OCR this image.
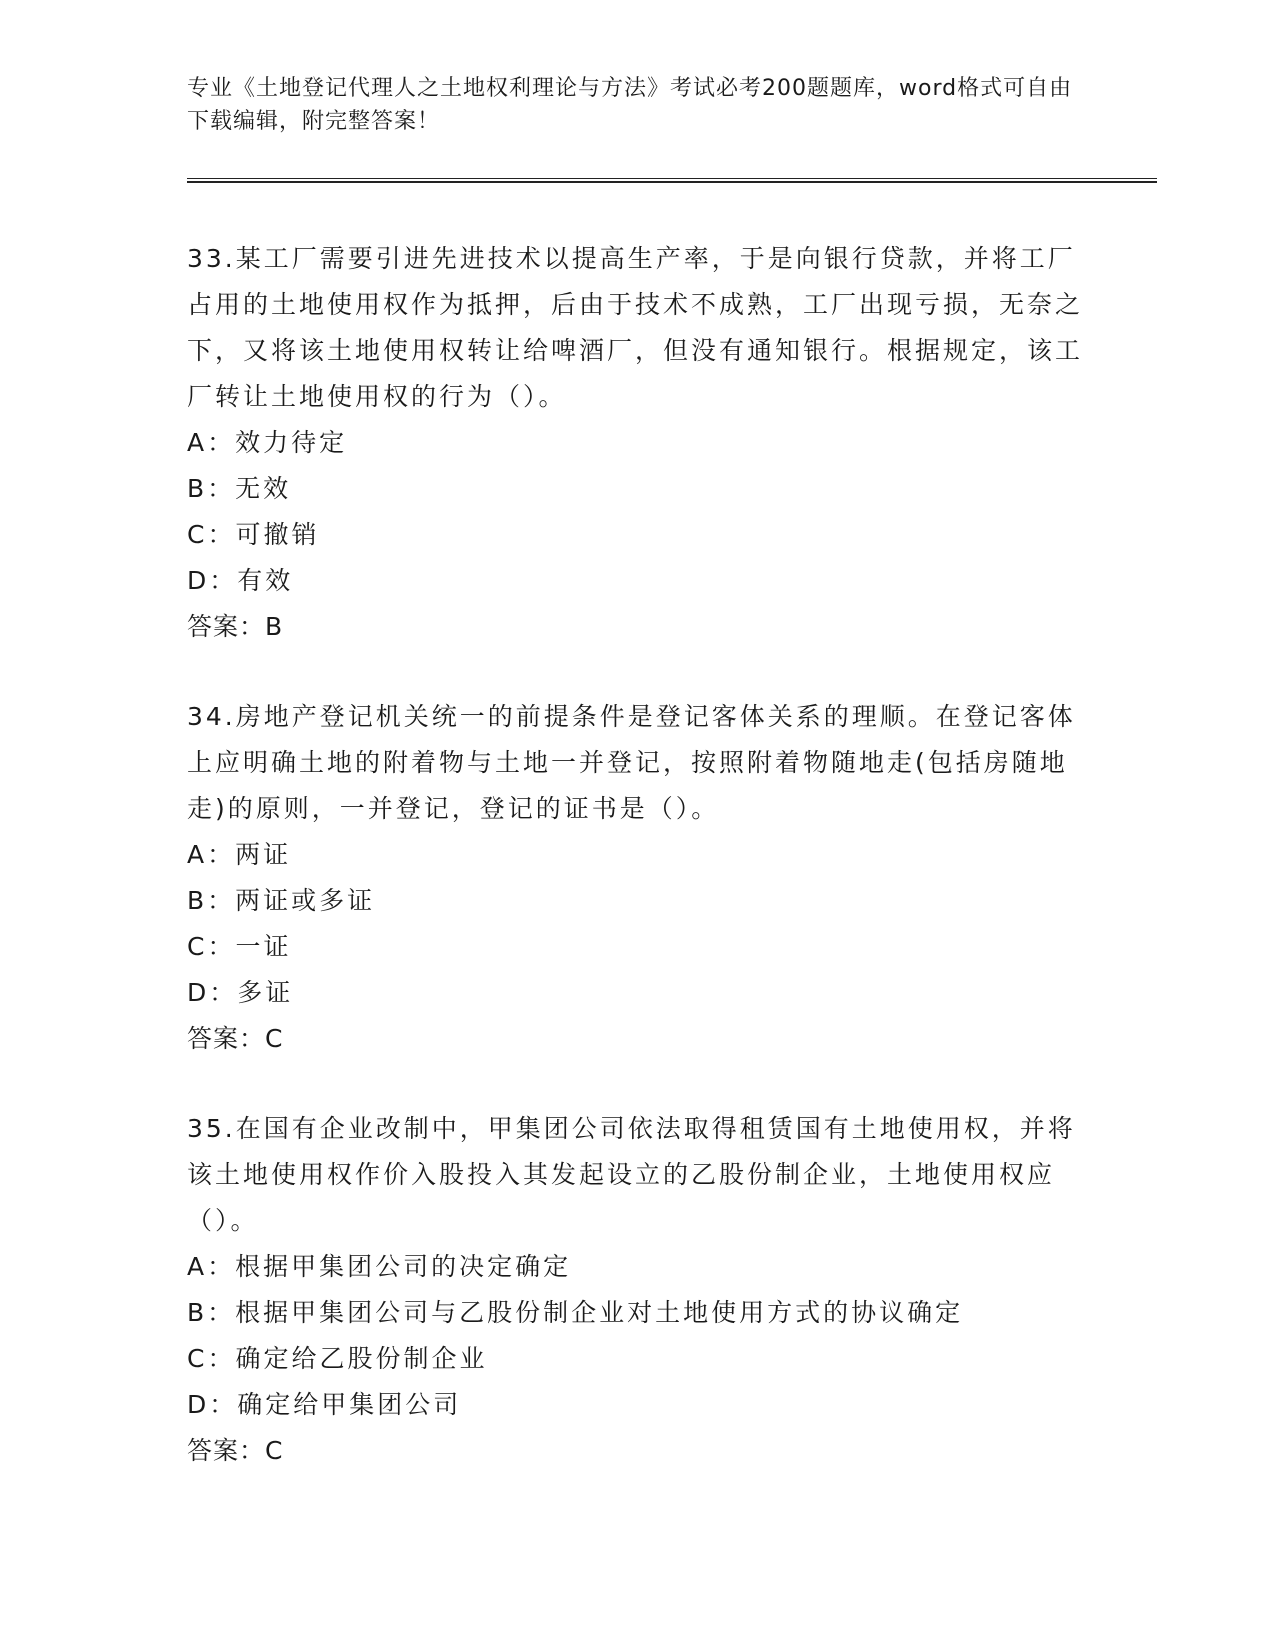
专业《土地登记代理人之土地权利理论与方法》考试必考200题题库，word格式可自由下载编辑，附完整答案！

33.某工厂需要引进先进技术以提高生产率，于是向银行贷款，并将工厂占用的土地使用权作为抵押，后由于技术不成熟，工厂出现亏损，无奈之下，又将该土地使用权转让给啤酒厂，但没有通知银行。根据规定，该工厂转让土地使用权的行为（）。

A：效力待定

B：无效

C：可撤销

D：有效

答案：B

34.房地产登记机关统一的前提条件是登记客体关系的理顺。在登记客体上应明确土地的附着物与土地一并登记，按照附着物随地走(包括房随地走)的原则，一并登记，登记的证书是（）。

A：两证

B：两证或多证

C：一证

D：多证

答案：C

35.在国有企业改制中，甲集团公司依法取得租赁国有土地使用权，并将该土地使用权作价入股投入其发起设立的乙股份制企业，土地使用权应（）。

A：根据甲集团公司的决定确定

B：根据甲集团公司与乙股份制企业对土地使用方式的协议确定

C：确定给乙股份制企业

D：确定给甲集团公司

答案：C
